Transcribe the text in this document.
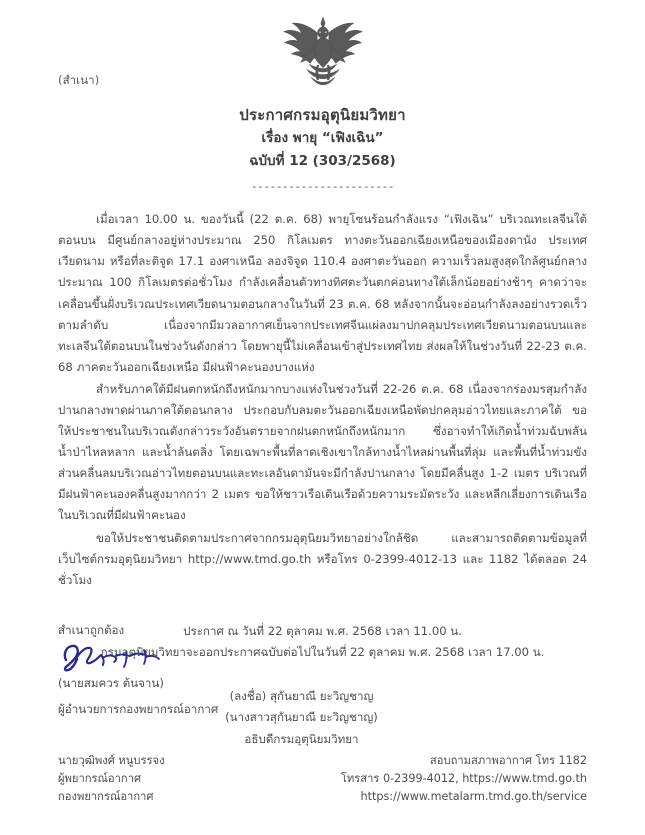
(สำเนา)
ประกาศกรมอุตุนิยมวิทยา
เรื่อง พายุ “เฟิงเฉิน”
ฉบับที่ 12 (303/2568)
-----------------------

เมื่อเวลา 10.00 น. ของวันนี้ (22 ต.ค. 68) พายุโซนร้อนกำลังแรง “เฟิงเฉิน” บริเวณทะเลจีนใต้ตอนบน มีศูนย์กลางอยู่ห่างประมาณ 250 กิโลเมตร ทางตะวันออกเฉียงเหนือของเมืองดานัง ประเทศเวียดนาม หรือที่ละติจูด 17.1 องศาเหนือ ลองจิจูด 110.4 องศาตะวันออก ความเร็วลมสูงสุดใกล้ศูนย์กลางประมาณ 100 กิโลเมตรต่อชั่วโมง กำลังเคลื่อนตัวทางทิศตะวันตกค่อนทางใต้เล็กน้อยอย่างช้าๆ คาดว่าจะเคลื่อนขึ้นฝั่งบริเวณประเทศเวียดนามตอนกลางในวันที่ 23 ต.ค. 68 หลังจากนั้นจะอ่อนกำลังลงอย่างรวดเร็วตามลำดับ เนื่องจากมีมวลอากาศเย็นจากประเทศจีนแผ่ลงมาปกคลุมประเทศเวียดนามตอนบนและทะเลจีนใต้ตอนบนในช่วงวันดังกล่าว โดยพายุนี้ไม่เคลื่อนเข้าสู่ประเทศไทย ส่งผลให้ในช่วงวันที่ 22-23 ต.ค. 68 ภาคตะวันออกเฉียงเหนือ มีฝนฟ้าคะนองบางแห่ง

สำหรับภาคใต้มีฝนตกหนักถึงหนักมากบางแห่งในช่วงวันที่ 22-26 ต.ค. 68 เนื่องจากร่องมรสุมกำลังปานกลางพาดผ่านภาคใต้ตอนกลาง ประกอบกับลมตะวันออกเฉียงเหนือพัดปกคลุมอ่าวไทยและภาคใต้ ขอให้ประชาชนในบริเวณดังกล่าวระวังอันตรายจากฝนตกหนักถึงหนักมาก ซึ่งอาจทำให้เกิดน้ำท่วมฉับพลัน น้ำป่าไหลหลาก และน้ำล้นตลิ่ง โดยเฉพาะพื้นที่ลาดเชิงเขาใกล้ทางน้ำไหลผ่านพื้นที่ลุ่ม และพื้นที่น้ำท่วมขัง ส่วนคลื่นลมบริเวณอ่าวไทยตอนบนและทะเลอันดามันจะมีกำลังปานกลาง โดยมีคลื่นสูง 1-2 เมตร บริเวณที่มีฝนฟ้าคะนองคลื่นสูงมากกว่า 2 เมตร ขอให้ชาวเรือเดินเรือด้วยความระมัดระวัง และหลีกเลี่ยงการเดินเรือในบริเวณที่มีฝนฟ้าคะนอง

ขอให้ประชาชนติดตามประกาศจากกรมอุตุนิยมวิทยาอย่างใกล้ชิด และสามารถติดตามข้อมูลที่เว็บไซต์กรมอุตุนิยมวิทยา http://www.tmd.go.th หรือโทร 0-2399-4012-13 และ 1182 ได้ตลอด 24 ชั่วโมง

ประกาศ ณ วันที่ 22 ตุลาคม พ.ศ. 2568 เวลา 11.00 น.
กรมอุตุนิยมวิทยาจะออกประกาศฉบับต่อไปในวันที่ 22 ตุลาคม พ.ศ. 2568 เวลา 17.00 น.
(ลงชื่อ) สุกันยาณี ยะวิญชาญ
(นางสาวสุกันยาณี ยะวิญชาญ)
อธิบดีกรมอุตุนิยมวิทยา
สำเนาถูกต้อง
(นายสมควร ต้นจาน)
ผู้อำนวยการกองพยากรณ์อากาศ
นายวุฒิพงศ์ หนูบรรจง
ผู้พยากรณ์อากาศ
กองพยากรณ์อากาศ
สอบถามสภาพอากาศ โทร 1182
โทรสาร 0-2399-4012, https://www.tmd.go.th
https://www.metalarm.tmd.go.th/service
